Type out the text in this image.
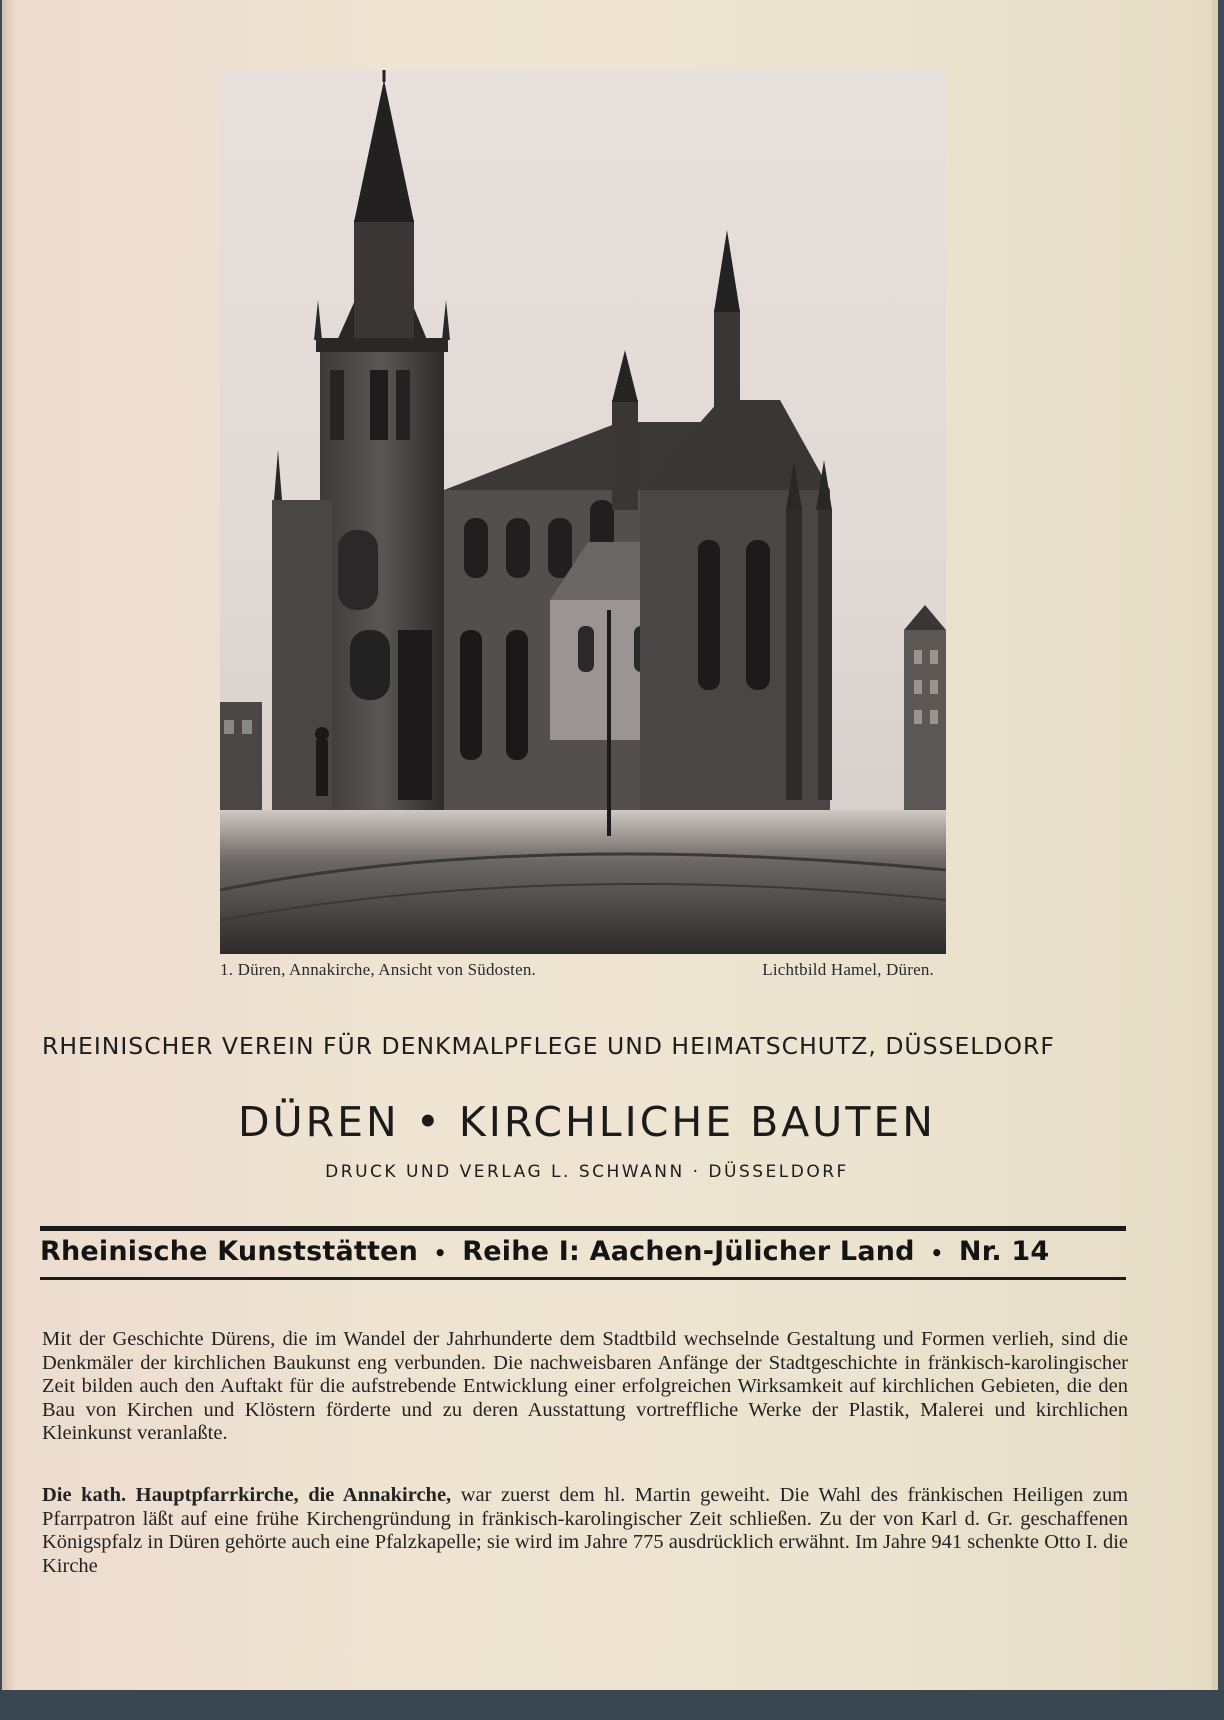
1. Düren, Annakirche, Ansicht von Südosten.	Lichtbild Hamel, Düren.
RHEINISCHER VEREIN FÜR DENKMALPFLEGE UND HEIMATSCHUTZ, DÜSSELDORF
DÜREN • KIRCHLICHE BAUTEN
DRUCK UND VERLAG L. SCHWANN · DÜSSELDORF
Rheinische Kunststätten • Reihe I: Aachen-Jülicher Land • Nr. 14

Mit der Geschichte Dürens, die im Wandel der Jahrhunderte dem Stadtbild wechselnde Gestaltung und Formen verlieh, sind die Denkmäler der kirchlichen Baukunst eng verbunden. Die nachweisbaren Anfänge der Stadtgeschichte in fränkisch-karolingischer Zeit bilden auch den Auftakt für die aufstrebende Entwicklung einer erfolgreichen Wirksamkeit auf kirchlichen Gebieten, die den Bau von Kirchen und Klöstern förderte und zu deren Ausstattung vortreffliche Werke der Plastik, Malerei und kirchlichen Kleinkunst veranlaßte.

Die kath. Hauptpfarrkirche, die Annakirche, war zuerst dem hl. Martin geweiht. Die Wahl des fränkischen Heiligen zum Pfarrpatron läßt auf eine frühe Kirchengründung in fränkisch-karolingischer Zeit schließen. Zu der von Karl d. Gr. geschaffenen Königspfalz in Düren gehörte auch eine Pfalzkapelle; sie wird im Jahre 775 ausdrücklich erwähnt. Im Jahre 941 schenkte Otto I. die Kirche
